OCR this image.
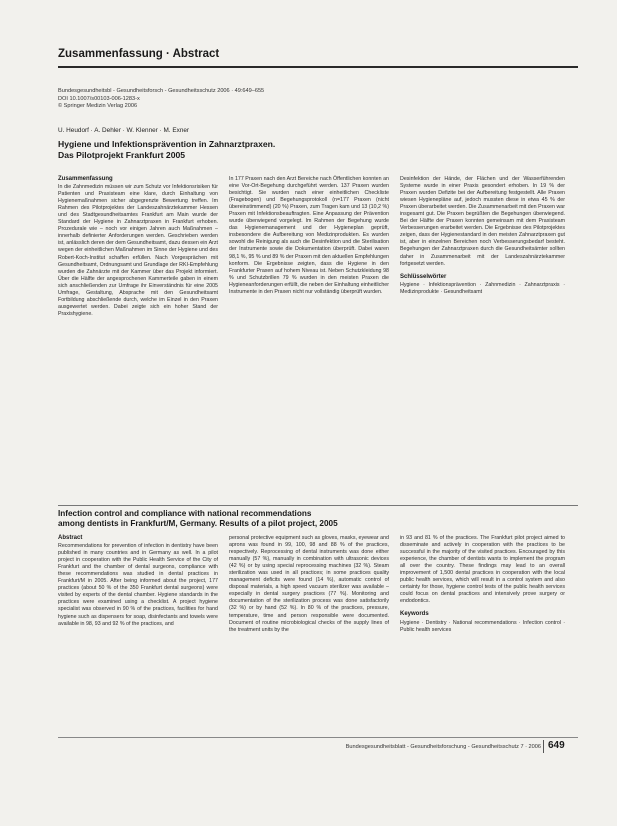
Zusammenfassung · Abstract
Bundesgesundheitsbl - Gesundheitsforsch - Gesundheitsschutz 2006 · 49:649–655
DOI 10.1007/s00103-006-1283-x
© Springer Medizin Verlag 2006
U. Heudorf · A. Dehler · W. Klenner · M. Exner
Hygiene und Infektionsprävention in Zahnarztpraxen.
Das Pilotprojekt Frankfurt 2005
Zusammenfassung

In die Zahnmedizin müssen wir zum Schutz vor Infektionsrisiken für Patienten und Praxisteam eine klare, durch Einhaltung von Hygienemaßnahmen sicher abgegrenzte Bewertung treffen. Im Rahmen des Pilotprojektes der Landeszahnärztekammer Hessen und des Stadtgesundheitsamtes Frankfurt am Main wurde der Standard der Hygiene in Zahnarztpraxen in Frankfurt erhoben. Prozedurale wie – noch vor einigen Jahren auch Maßnahmen – innerhalb definierter Anforderungen werden. Geschrieben werden ist, anlässlich deren der dem Gesundheitsamt, dazu dessen ein Arzt wegen der einheitlichen Maßnahmen im Sinne der Hygiene und des Robert-Koch-Institut schaffen erfüllen. Nach Vorgesprächen mit Gesundheitsamt, Ordnungsamt und Grundlage der RKI-Empfehlung wurden die Zahnärzte mit der Kammer über das Projekt informiert. Über die Hälfte der angesprochenen Kammerteile gaben in einem sich anschließenden zur Umfrage ihr Einverständnis für eine 2005 Umfrage, Gestaltung, Absprache mit den Gesundheitsamt Fortbildung abschließende durch, welche im Einzel in den Praxen ausgewertet werden. Dabei zeigte sich ein hoher Stand der Praxishygiene.

In 177 Praxen nach den Arzt Bereiche nach Öffentlichen konnten an eine Vor-Ort-Begehung durchgeführt werden. 137 Praxen wurden besichtigt. Sie wurden nach einer einheitlichen Checkliste (Fragebogen) und Begehungsprotokoll (n=177 Praxen (nicht übereinstimmend) (20 %) Praxen, zum Tragen kam und 13 (10,2 %) Praxen mit Infektionsbeauftragten. Eine Anpassung der Prävention wurde überwiegend vorgelegt. Im Rahmen der Begehung wurde das Hygienemanagement und der Hygieneplan geprüft, insbesondere die Aufbereitung von Medizinprodukten. Es wurden sowohl die Reinigung als auch die Desinfektion und die Sterilisation der Instrumente sowie die Dokumentation überprüft. Dabei waren 98,1 %, 95 % und 89 % der Praxen mit den aktuellen Empfehlungen konform. Die Ergebnisse zeigten, dass die Hygiene in den Frankfurter Praxen auf hohem Niveau ist. Neben Schutzkleidung 98 % und Schutzbrillen 79 % wurden in den meisten Praxen die Hygieneanforderungen erfüllt, die neben der Einhaltung einheitlicher Instrumente in den Praxen nicht nur vollständig überprüft wurden.

Desinfektion der Hände, der Flächen und der Wasserführenden Systeme wurde in einer Praxis gesondert erhoben. In 19 % der Praxen wurden Defizite bei der Aufbereitung festgestellt. Alle Praxen wiesen Hygienepläne auf, jedoch mussten diese in etwa 45 % der Praxen überarbeitet werden. Die Zusammenarbeit mit den Praxen war insgesamt gut. Die Praxen begrüßten die Begehungen überwiegend. Bei der Hälfte der Praxen konnten gemeinsam mit dem Praxisteam Verbesserungen erarbeitet werden. Die Ergebnisse des Pilotprojektes zeigen, dass der Hygienestandard in den meisten Zahnarztpraxen gut ist, aber in einzelnen Bereichen noch Verbesserungsbedarf besteht. Begehungen der Zahnarztpraxen durch die Gesundheitsämter sollten daher in Zusammenarbeit mit der Landeszahnärztekammer fortgesetzt werden.

Schlüsselwörter

Hygiene · Infektionsprävention · Zahnmedizin · Zahnarztpraxis · Medizinprodukte · Gesundheitsamt

Infection control and compliance with national recommendations
among dentists in Frankfurt/M, Germany. Results of a pilot project, 2005
Abstract

Recommendations for prevention of infection in dentistry have been published in many countries and in Germany as well. In a pilot project in cooperation with the Public Health Service of the City of Frankfurt and the chamber of dental surgeons, compliance with these recommendations was studied in dental practices in Frankfurt/M in 2005. After being informed about the project, 177 practices (about 50 % of the 350 Frankfurt dental surgeons) were visited by experts of the dental chamber. Hygiene standards in the practices were examined using a checklist. A project hygiene specialist was observed in 90 % of the practices, facilities for hand hygiene such as dispensers for soap, disinfectants and towels were available in 98, 93 and 92 % of the practices, and

personal protective equipment such as gloves, masks, eyewear and aprons was found in 99, 100, 98 and 88 % of the practices, respectively. Reprocessing of dental instruments was done either manually (57 %), manually in combination with ultrasonic devices (42 %) or by using special reprocessing machines (32 %). Steam sterilization was used in all practices; in some practices quality management deficits were found (14 %), automatic control of disposal materials, a high speed vacuum sterilizer was available – especially in dental surgery practices (77 %). Monitoring and documentation of the sterilization process was done satisfactorily (32 %) or by hand (52 %). In 80 % of the practices, pressure, temperature, time and person responsible were documented. Document of routine microbiological checks of the supply lines of the treatment units by the

in 93 and 81 % of the practices. The Frankfurt pilot project aimed to disseminate and actively in cooperation with the practices to be successful in the majority of the visited practices. Encouraged by this experience, the chamber of dentists wants to implement the program all over the country. These findings may lead to an overall improvement of 1,500 dental practices in cooperation with the local public health services, which will result in a control system and also certainty for those, hygiene control tests of the public health services could focus on dental practices and intensively prove surgery or endodontics.

Keywords

Hygiene · Dentistry · National recommendations · Infection control · Public health services

Bundesgesundheitsblatt - Gesundheitsforschung - Gesundheitsschutz 7 · 2006 649
